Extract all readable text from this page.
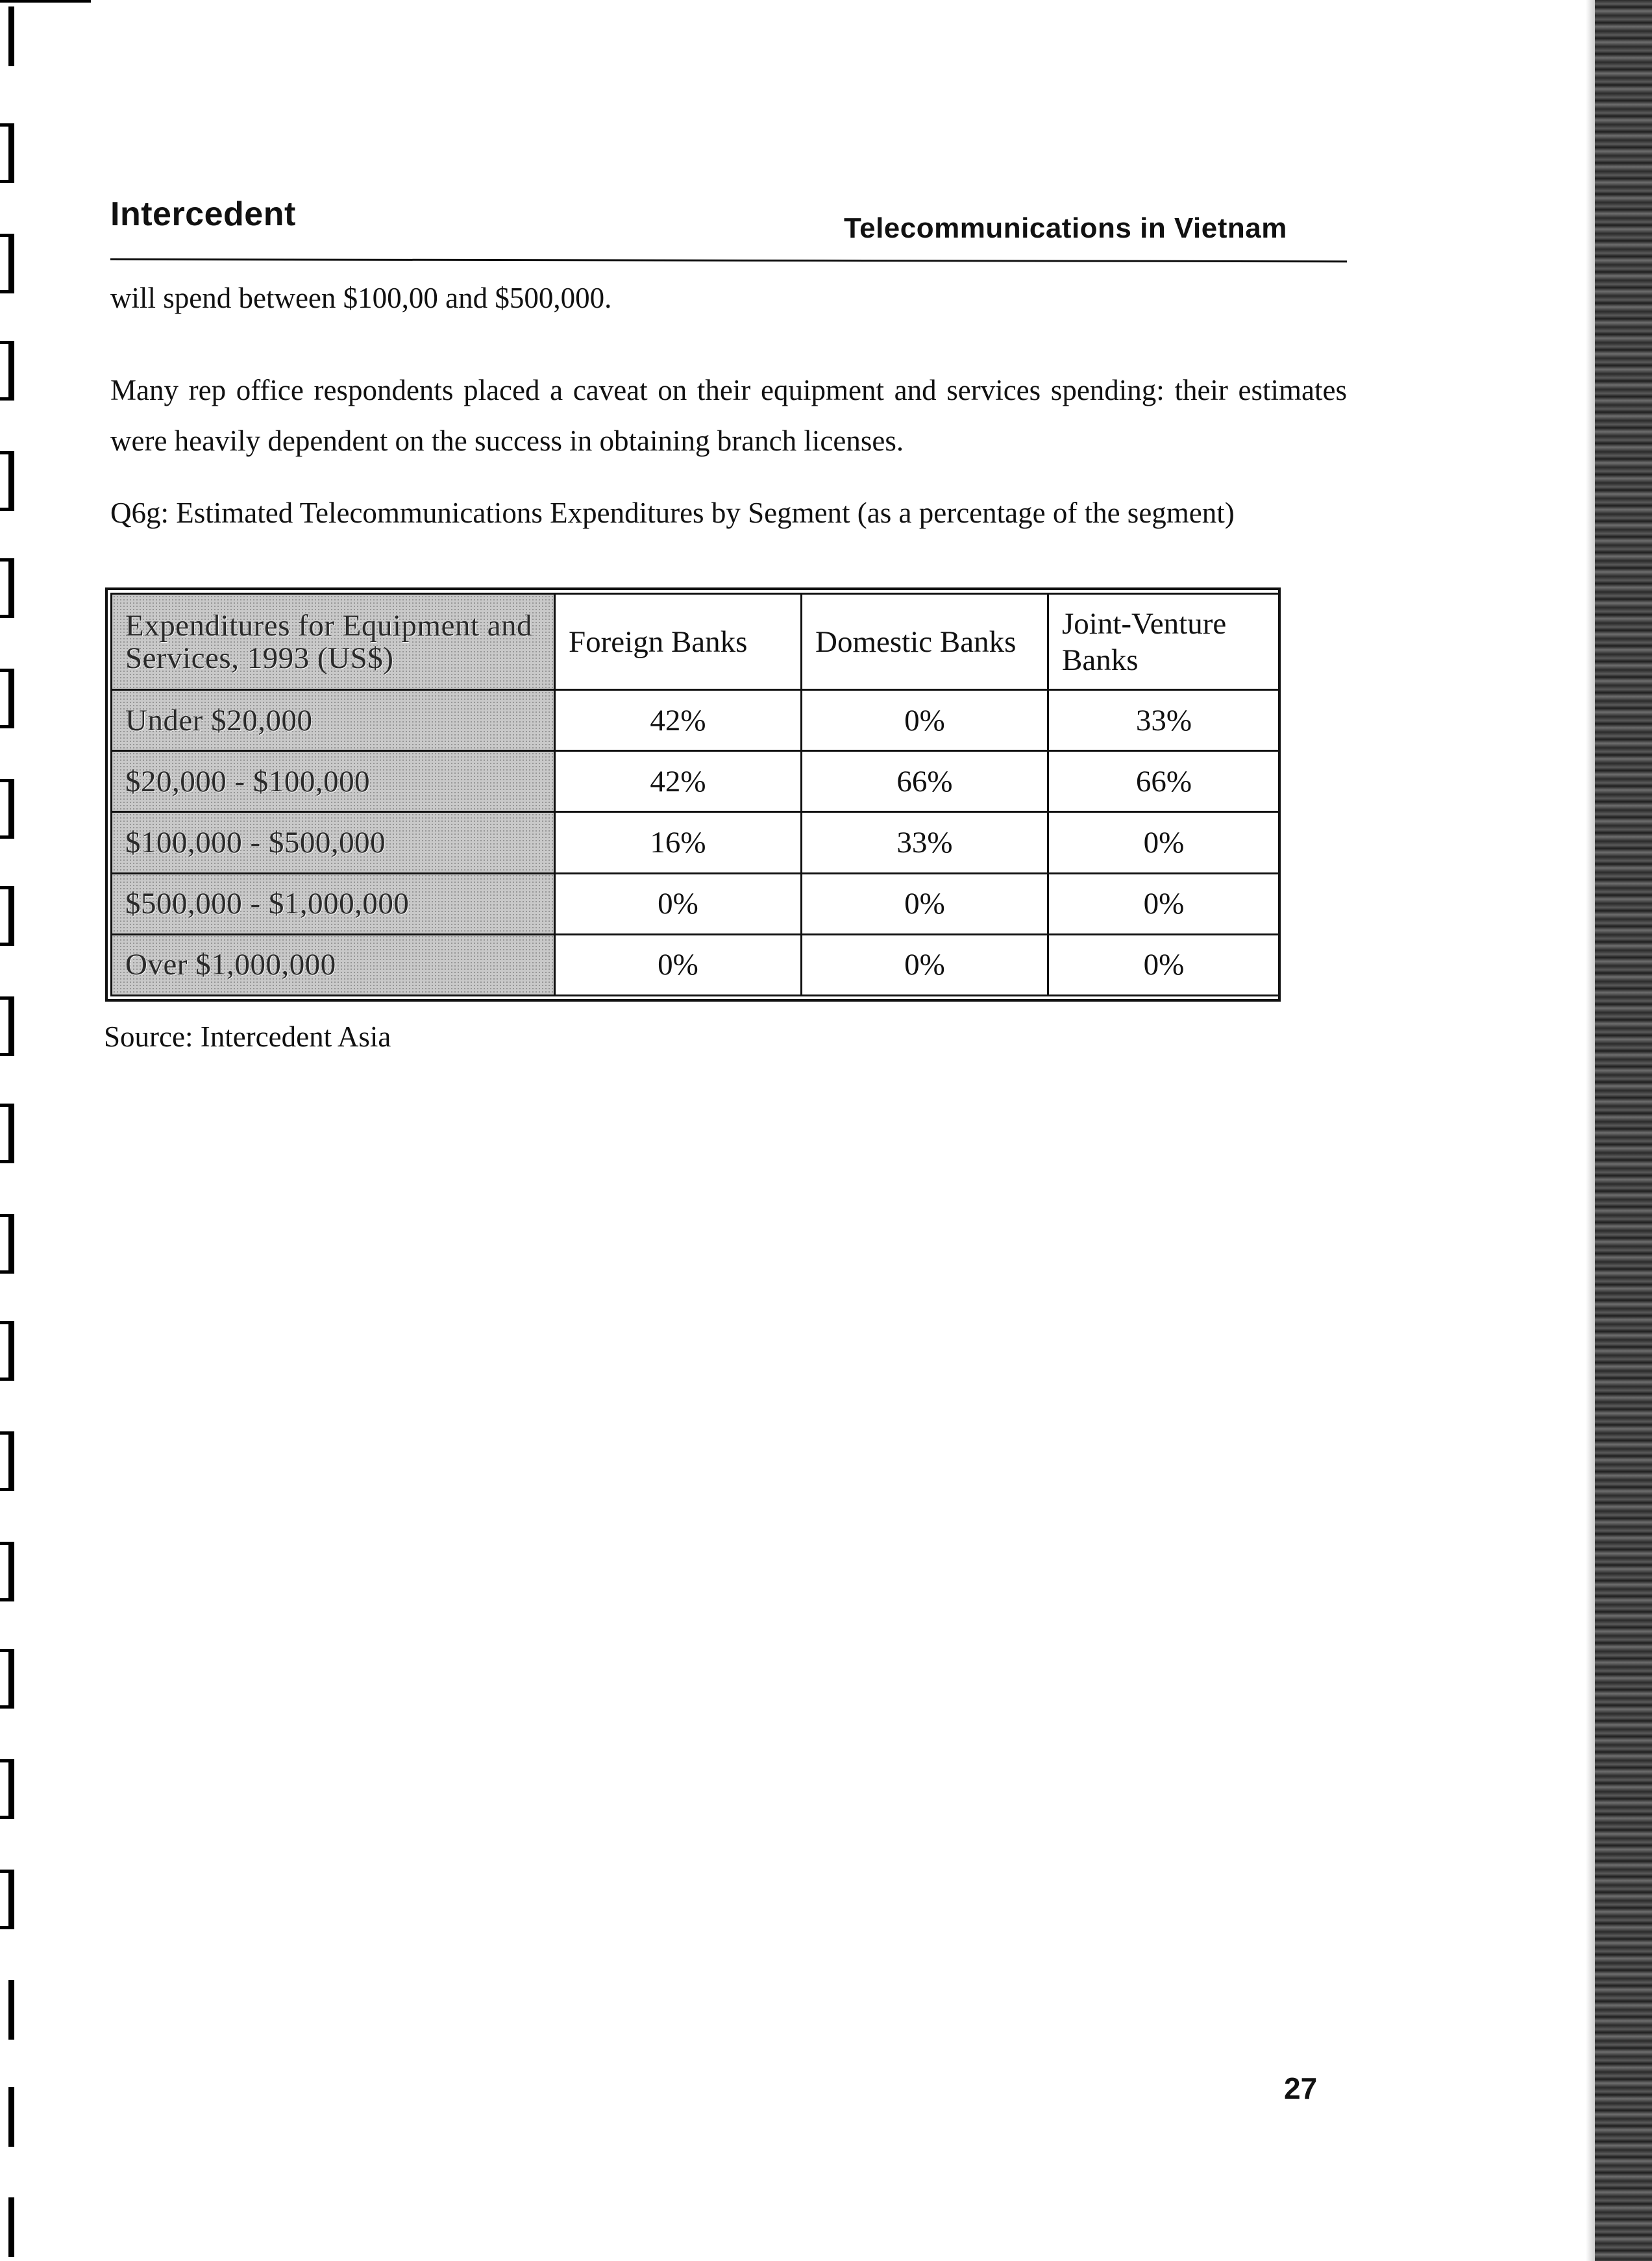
Intercedent	Telecommunications in Vietnam
will spend between $100,00 and $500,000.
Many rep office respondents placed a caveat on their equipment and services spending: their estimates were heavily dependent on the success in obtaining branch licenses.
Q6g: Estimated Telecommunications Expenditures by Segment (as a percentage of the segment)
Expenditures for Equipment and Services, 1993 (US$)	Foreign Banks	Domestic Banks	Joint-Venture Banks
Under $20,000	42%	0%	33%
$20,000 - $100,000	42%	66%	66%
$100,000 - $500,000	16%	33%	0%
$500,000 - $1,000,000	0%	0%	0%
Over $1,000,000	0%	0%	0%
Source: Intercedent Asia
27
